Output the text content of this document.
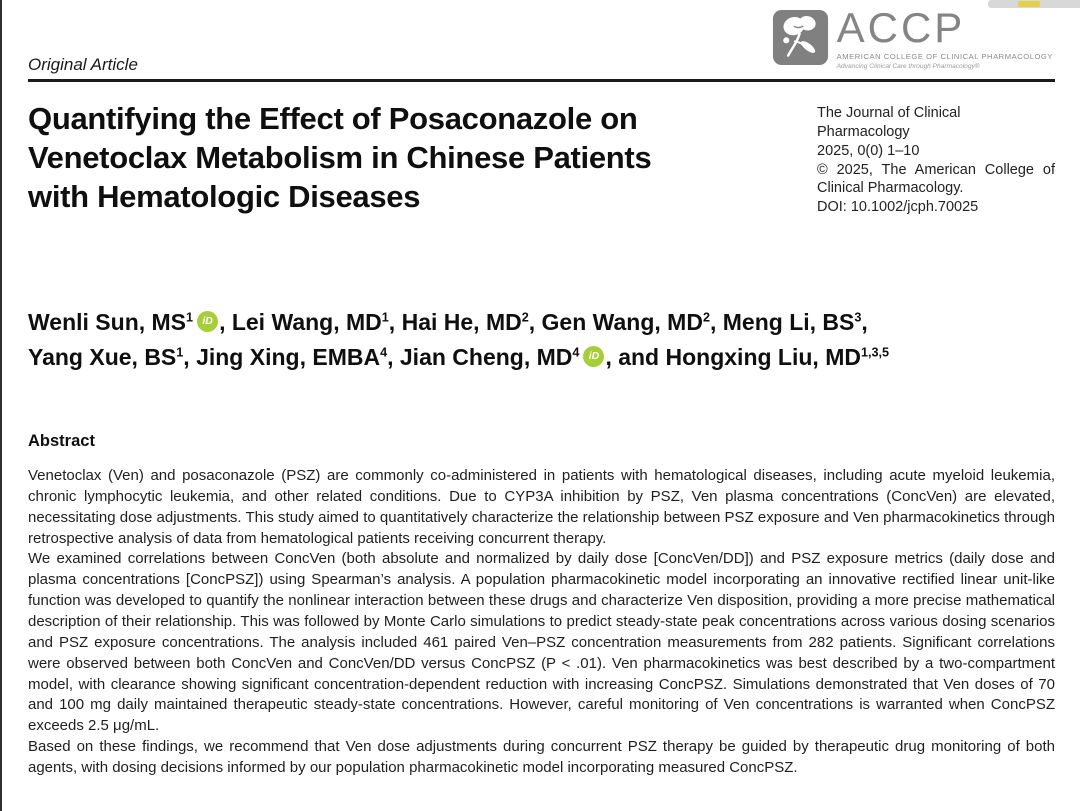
Original Article
ACCP
AMERICAN COLLEGE OF CLINICAL PHARMACOLOGY
Advancing Clinical Care through Pharmacology®
Quantifying the Effect of Posaconazole on
Venetoclax Metabolism in Chinese Patients
with Hematologic Diseases
The Journal of Clinical Pharmacology
2025, 0(0) 1–10
© 2025, The American College of Clinical Pharmacology.
DOI: 10.1002/jcph.70025
Wenli Sun, $MS^1$ iD , Lei Wang, $MD^1$, Hai He, $MD^2$, Gen Wang, $MD^2$, Meng Li, $BS^3$,
Yang Xue, $BS^1$, Jing Xing, EMBA$^4$, Jian Cheng, $MD^4$ iD , and Hongxing Liu, MD$^{1,3,5}$
Abstract

Venetoclax (Ven) and posaconazole (PSZ) are commonly co-administered in patients with hematological diseases, including acute myeloid leukemia, chronic lymphocytic leukemia, and other related conditions. Due to CYP3A inhibition by PSZ, Ven plasma concentrations (ConcVen) are elevated, necessitating dose adjustments. This study aimed to quantitatively characterize the relationship between PSZ exposure and Ven pharmacokinetics through retrospective analysis of data from hematological patients receiving concurrent therapy.

We examined correlations between ConcVen (both absolute and normalized by daily dose [ConcVen/DD]) and PSZ exposure metrics (daily dose and plasma concentrations [ConcPSZ]) using Spearman’s analysis. A population pharmacokinetic model incorporating an innovative rectified linear unit-like function was developed to quantify the nonlinear interaction between these drugs and characterize Ven disposition, providing a more precise mathematical description of their relationship. This was followed by Monte Carlo simulations to predict steady-state peak concentrations across various dosing scenarios and PSZ exposure concentrations. The analysis included 461 paired Ven–PSZ concentration measurements from 282 patients. Significant correlations were observed between both ConcVen and ConcVen/DD versus ConcPSZ (P < .01). Ven pharmacokinetics was best described by a two-compartment model, with clearance showing significant concentration-dependent reduction with increasing ConcPSZ. Simulations demonstrated that Ven doses of 70 and 100 mg daily maintained therapeutic steady-state concentrations. However, careful monitoring of Ven concentrations is warranted when ConcPSZ exceeds 2.5 μg/mL.

Based on these findings, we recommend that Ven dose adjustments during concurrent PSZ therapy be guided by therapeutic drug monitoring of both agents, with dosing decisions informed by our population pharmacokinetic model incorporating measured ConcPSZ.
